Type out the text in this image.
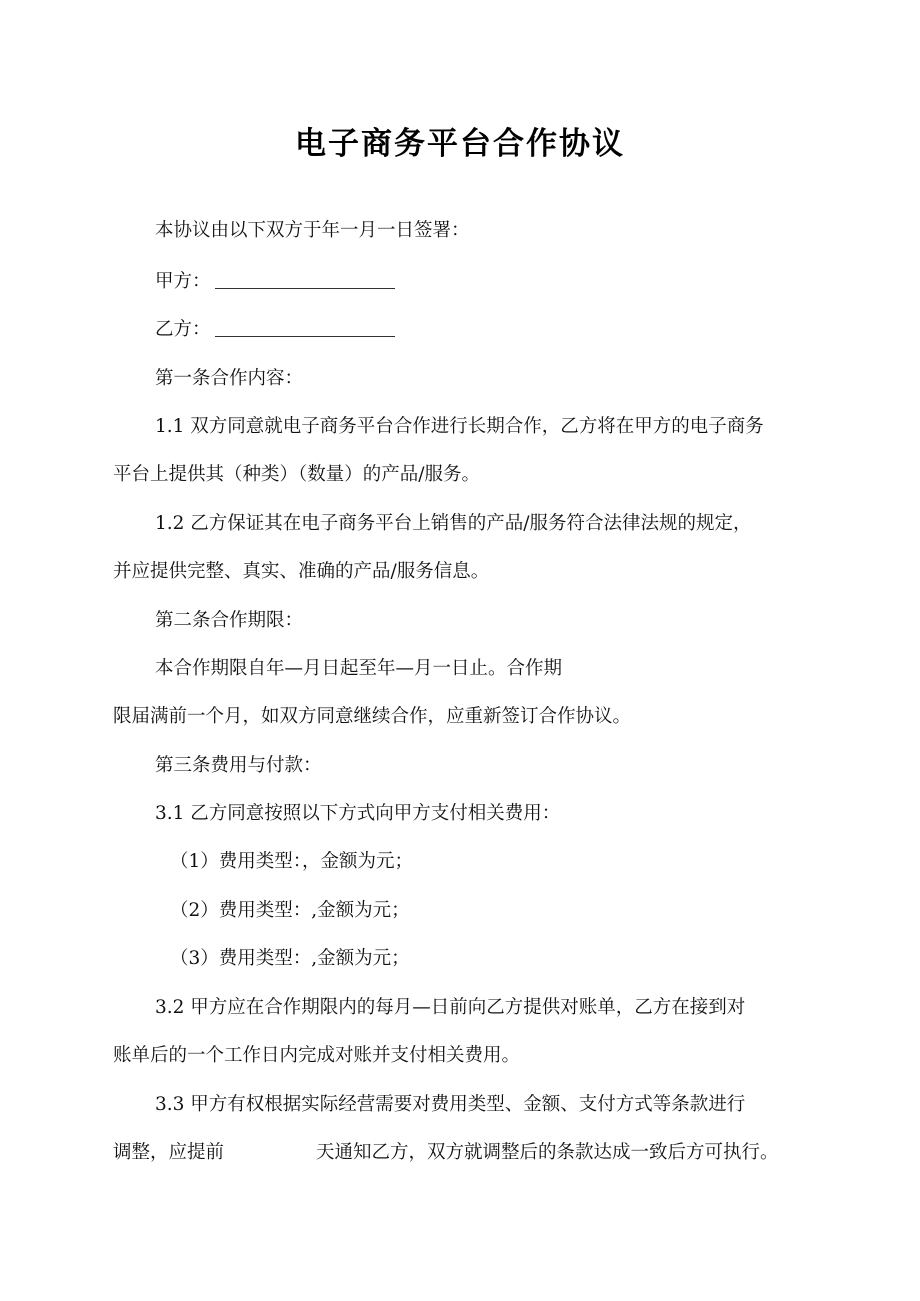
电子商务平台合作协议
本协议由以下双方于年一月一日签署：
甲方：
乙方：
第一条合作内容：
1.1 双方同意就电子商务平台合作进行长期合作，乙方将在甲方的电子商务
平台上提供其（种类）（数量）的产品/服务。
1.2 乙方保证其在电子商务平台上销售的产品/服务符合法律法规的规定，
并应提供完整、真实、准确的产品/服务信息。
第二条合作期限：
本合作期限自年—月日起至年—月一日止。合作期
限届满前一个月，如双方同意继续合作，应重新签订合作协议。
第三条费用与付款：
3.1 乙方同意按照以下方式向甲方支付相关费用：
（1）费用类型：，金额为元；
（2）费用类型：,金额为元；
（3）费用类型：,金额为元；
3.2 甲方应在合作期限内的每月—日前向乙方提供对账单，乙方在接到对
账单后的一个工作日内完成对账并支付相关费用。
3.3 甲方有权根据实际经营需要对费用类型、金额、支付方式等条款进行
调整，应提前	天通知乙方，双方就调整后的条款达成一致后方可执行。
